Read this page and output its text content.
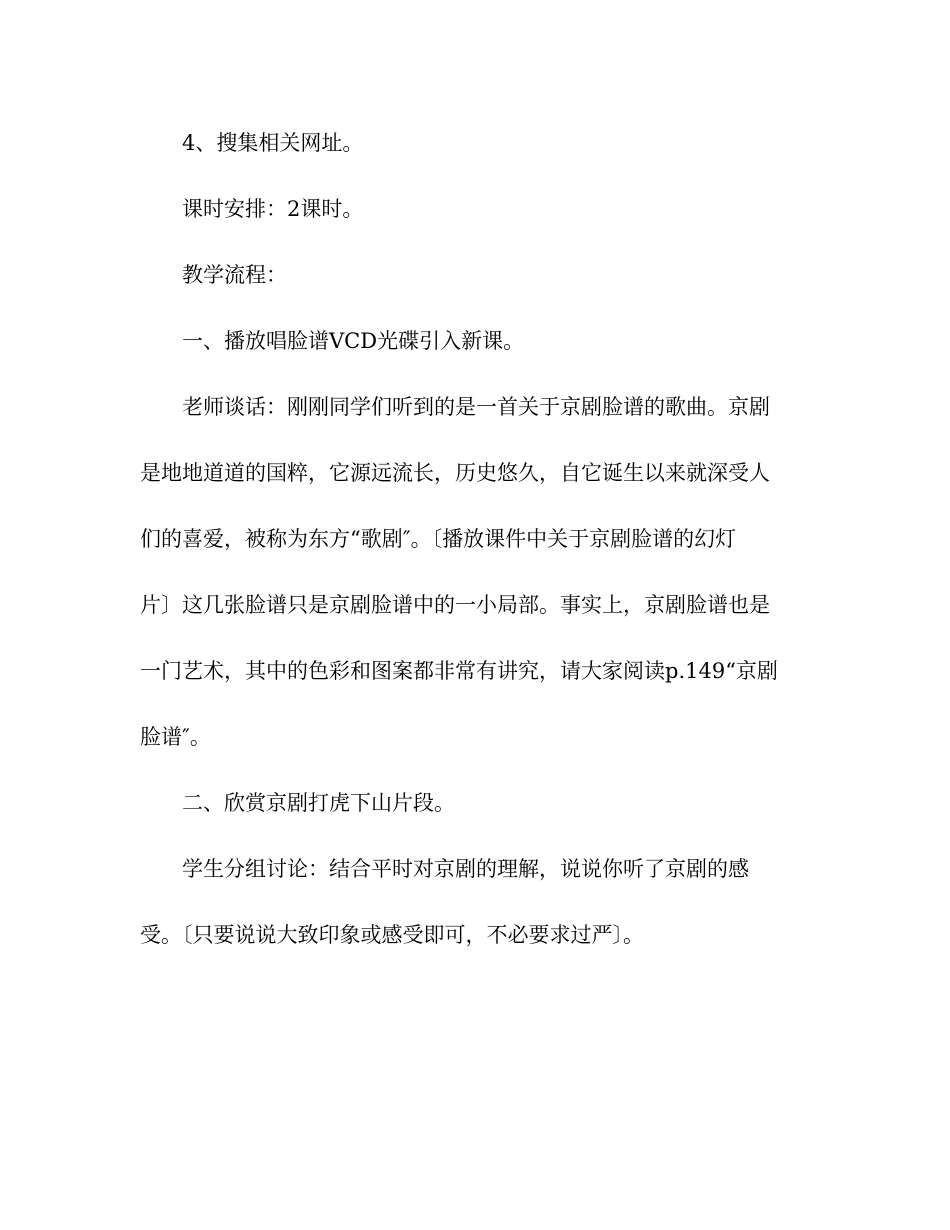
4、搜集相关网址。
课时安排：2课时。
教学流程：
一、播放唱脸谱VCD光碟引入新课。
老师谈话：刚刚同学们听到的是一首关于京剧脸谱的歌曲。京剧
是地地道道的国粹，它源远流长，历史悠久，自它诞生以来就深受人
们的喜爱，被称为东方“歌剧″。〔播放课件中关于京剧脸谱的幻灯
片〕这几张脸谱只是京剧脸谱中的一小局部。事实上，京剧脸谱也是
一门艺术，其中的色彩和图案都非常有讲究，请大家阅读p.149“京剧
脸谱″。
二、欣赏京剧打虎下山片段。
学生分组讨论：结合平时对京剧的理解，说说你听了京剧的感
受。〔只要说说大致印象或感受即可，不必要求过严〕。
